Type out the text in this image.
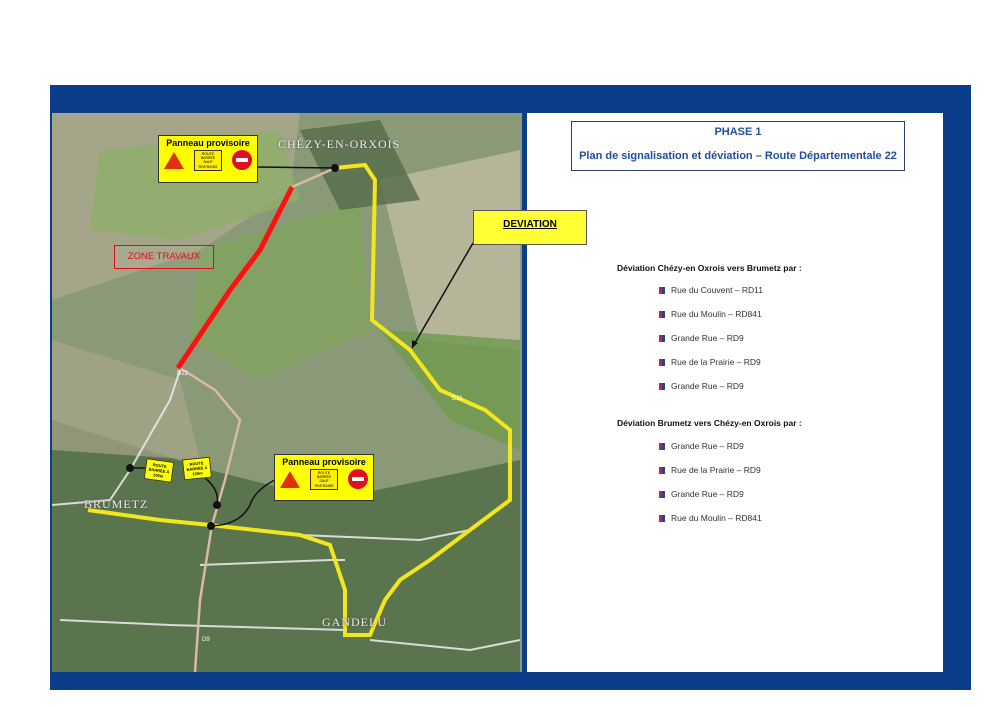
CHÉZY-EN-ORXOIS
BRUMETZ
GANDELU
D11
D22
D9
PHASE 1
Plan de signalisation et déviation – Route Départementale 22
Déviation Chézy-en Oxrois vers Brumetz par :
Rue du Couvent – RD11
Rue du Moulin – RD841
Grande Rue – RD9
Rue de la Prairie – RD9
Grande Rue – RD9
Déviation Brumetz vers Chézy-en Oxrois par :
Grande Rue – RD9
Rue de la Prairie – RD9
Grande Rue – RD9
Rue du Moulin – RD841
ZONE TRAVAUX
DEVIATION
Panneau provisoire
ROUTE BARRÉE SAUF RIVERAINS
Panneau provisoire
ROUTE BARRÉE SAUF RIVERAINS
ROUTE BARRÉE À 100m
ROUTE BARRÉE À 100m
